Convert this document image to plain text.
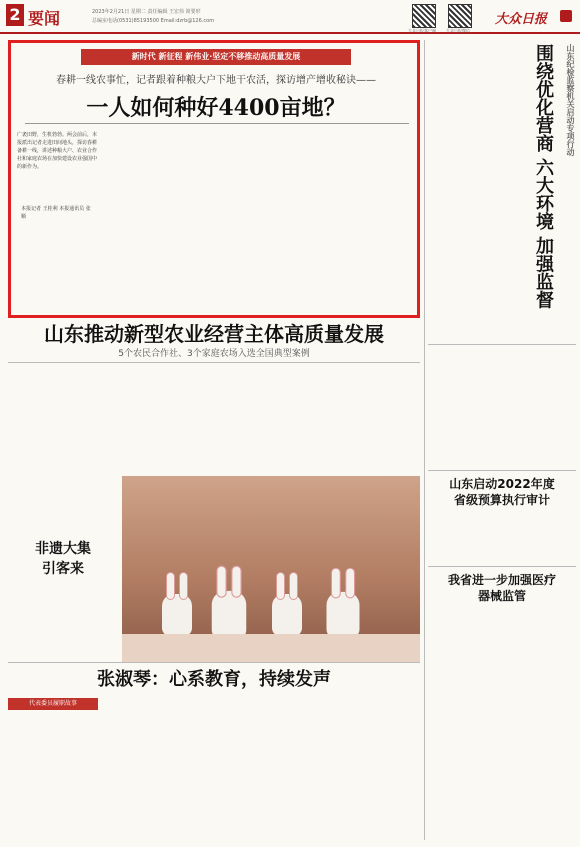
2 要闻	2023年2月21日 星期二 责任编辑 王宏伟 简要形
总编室电话(0531)85193500 Email:dzrb@126.com
大众日报客户端	大众日报微信
大众日报
新时代 新征程 新伟业·坚定不移推动高质量发展
春耕一线农事忙，记者跟着种粮大户下地干农活，探访增产增收秘诀——
一人如何种好4400亩地？
广袤田野，生机勃勃。两会前后，本报派出记者走进田间地头，探访春耕备耕一线，讲述种粮大户、农业合作社和家庭农场在加快建设农业强国中的新作为。
本报记者 王桂利 本报通讯员 张 顺
山东推动新型农业经营主体高质量发展
5个农民合作社、3个家庭农场入选全国典型案例
非遗大集
引客来
张淑琴：心系教育，持续发声
代表委员履职故事
山东纪检监察机关启动专项行动
围绕优化营商 六大环境 加强监督
山东启动2022年度省级预算执行审计
我省进一步加强医疗器械监管
